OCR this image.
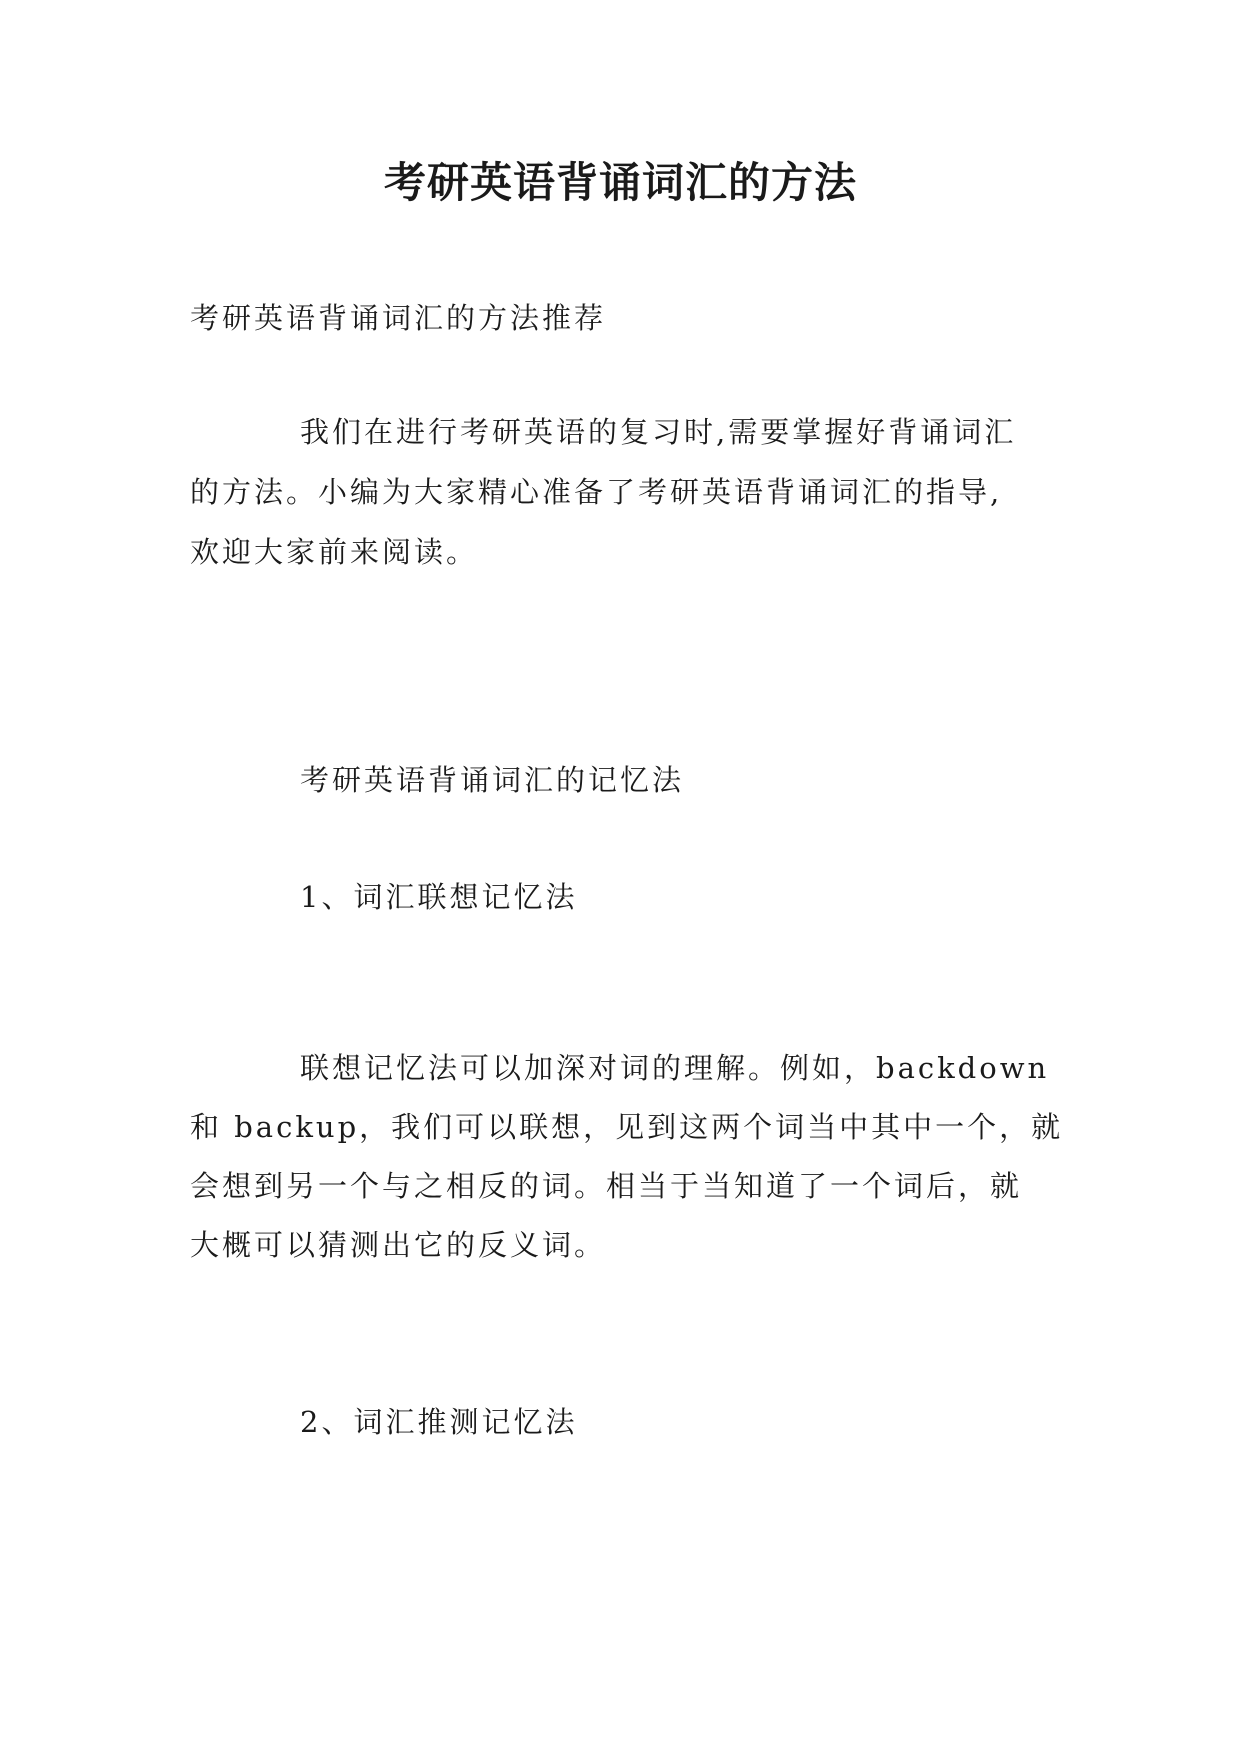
考研英语背诵词汇的方法
考研英语背诵词汇的方法推荐
我们在进行考研英语的复习时,需要掌握好背诵词汇
的方法。小编为大家精心准备了考研英语背诵词汇的指导,
欢迎大家前来阅读。
考研英语背诵词汇的记忆法
1、词汇联想记忆法
联想记忆法可以加深对词的理解。例如，backdown
和 backup，我们可以联想，见到这两个词当中其中一个，就
会想到另一个与之相反的词。相当于当知道了一个词后，就
大概可以猜测出它的反义词。
2、词汇推测记忆法
